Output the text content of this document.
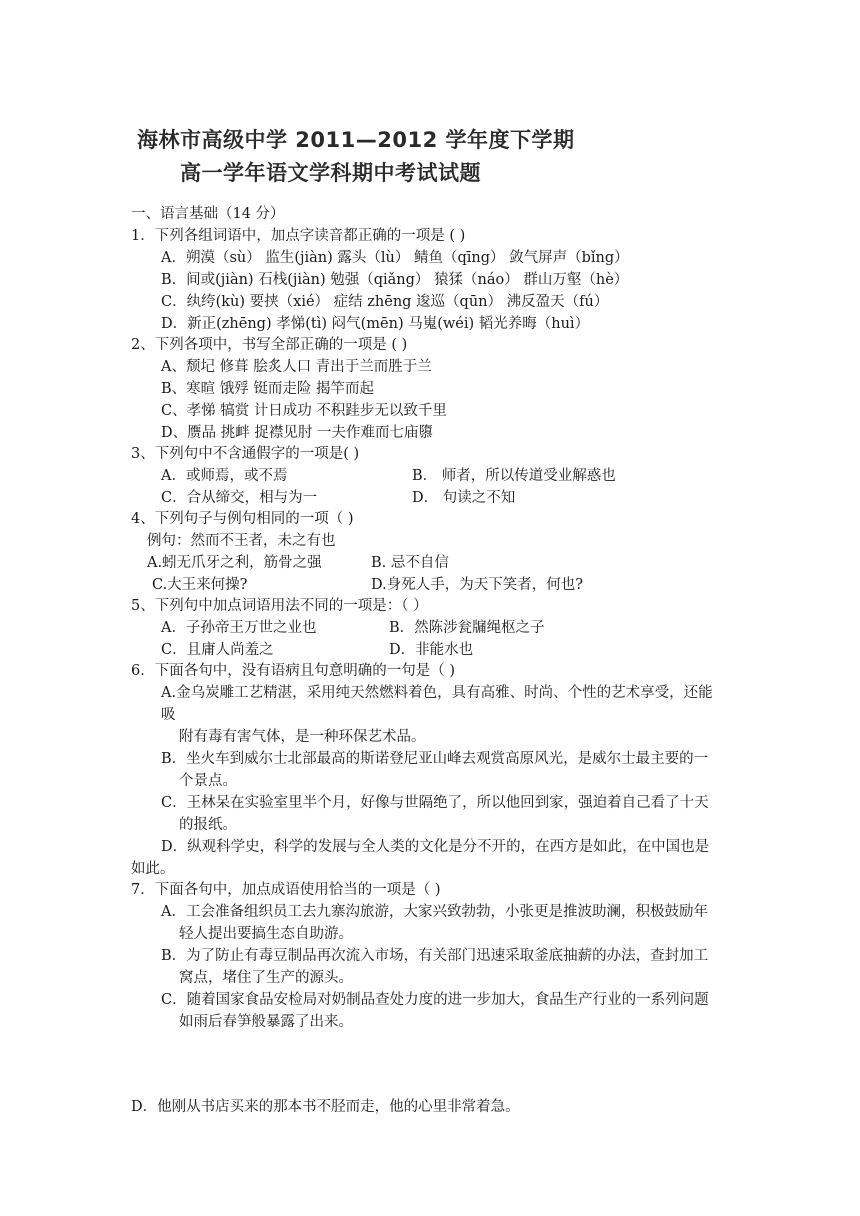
海林市高级中学 2011—2012 学年度下学期
高一学年语文学科期中考试试题
一、语言基础（14 分）
1．下列各组词语中，加点字读音都正确的一项是 ( )
A．朔漠（sù） 监生(jiàn) 露头（lù） 鲭鱼（qīng） 敛气屏声（bǐng）
B．间或(jiàn) 石栈(jiàn) 勉强（qiǎng） 猿猱（náo） 群山万壑（hè）
C．纨绔(kù) 要挟（xié） 症结 zhēng 逡巡（qūn） 沸反盈天（fú）
D．新正(zhēng) 孝悌(tì) 闷气(mēn) 马嵬(wéi) 韬光养晦（huì）
2、下列各项中，书写全部正确的一项是 ( )
A、颓圮 修葺 脍炙人口 青出于兰而胜于兰
B、寒暄 饿殍 铤而走险 揭竿而起
C、孝悌 犒赏 计日成功 不积跬步无以致千里
D、赝品 挑衅 捉襟见肘 一夫作难而七庙隳
3、下列句中不含通假字的一项是( )
A．或师焉，或不焉	B． 师者，所以传道受业解惑也
C．合从缔交，相与为一	D． 句读之不知
4、下列句子与例句相同的一项（ )
例句：然而不王者，未之有也
A.蚓无爪牙之利，筋骨之强	B. 忌不自信
C.大王来何操?	D.身死人手，为天下笑者，何也?
5、下列句中加点词语用法不同的一项是：（ ）
A．子孙帝王万世之业也	B．然陈涉瓮牖绳枢之子
C．且庸人尚羞之	D．非能水也
6．下面各句中，没有语病且句意明确的一句是（ )
A.金乌炭雕工艺精湛，采用纯天然燃料着色，具有高雅、时尚、个性的艺术享受，还能
吸
附有毒有害气体，是一种环保艺术品。
B．坐火车到威尔士北部最高的斯诺登尼亚山峰去观赏高原风光，是威尔士最主要的一
个景点。
C．王林呆在实验室里半个月，好像与世隔绝了，所以他回到家，强迫着自己看了十天
的报纸。
D．纵观科学史，科学的发展与全人类的文化是分不开的，在西方是如此，在中国也是
如此。
7．下面各句中，加点成语使用恰当的一项是（ )
A．工会准备组织员工去九寨沟旅游，大家兴致勃勃，小张更是推波助澜，积极鼓励年
轻人提出要搞生态自助游。
B．为了防止有毒豆制品再次流入市场，有关部门迅速采取釜底抽薪的办法，查封加工
窝点，堵住了生产的源头。
C．随着国家食品安检局对奶制品查处力度的进一步加大，食品生产行业的一系列问题
如雨后春笋般暴露了出来。
D．他刚从书店买来的那本书不胫而走，他的心里非常着急。
